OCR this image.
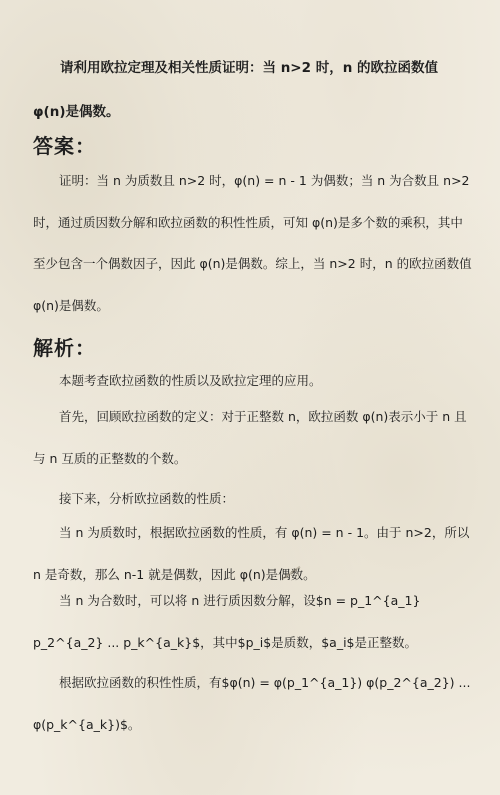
请利用欧拉定理及相关性质证明：当 n>2 时，n 的欧拉函数值 φ(n)是偶数。
答案：
证明：当 n 为质数且 n>2 时，φ(n) = n - 1 为偶数；当 n 为合数且 n>2 时，通过质因数分解和欧拉函数的积性性质，可知 φ(n)是多个数的乘积，其中至少包含一个偶数因子，因此 φ(n)是偶数。综上，当 n>2 时，n 的欧拉函数值 φ(n)是偶数。
解析：
本题考查欧拉函数的性质以及欧拉定理的应用。
首先，回顾欧拉函数的定义：对于正整数 n，欧拉函数 φ(n)表示小于 n 且与 n 互质的正整数的个数。
接下来，分析欧拉函数的性质：
当 n 为质数时，根据欧拉函数的性质，有 φ(n) = n - 1。由于 n>2，所以 n 是奇数，那么 n-1 就是偶数，因此 φ(n)是偶数。
当 n 为合数时，可以将 n 进行质因数分解，设$n = p_1^{a_1} p_2^{a_2} ... p_k^{a_k}$，其中$p_i$是质数，$a_i$是正整数。
根据欧拉函数的积性性质，有$φ(n) = φ(p_1^{a_1}) φ(p_2^{a_2}) ... φ(p_k^{a_k})$。
